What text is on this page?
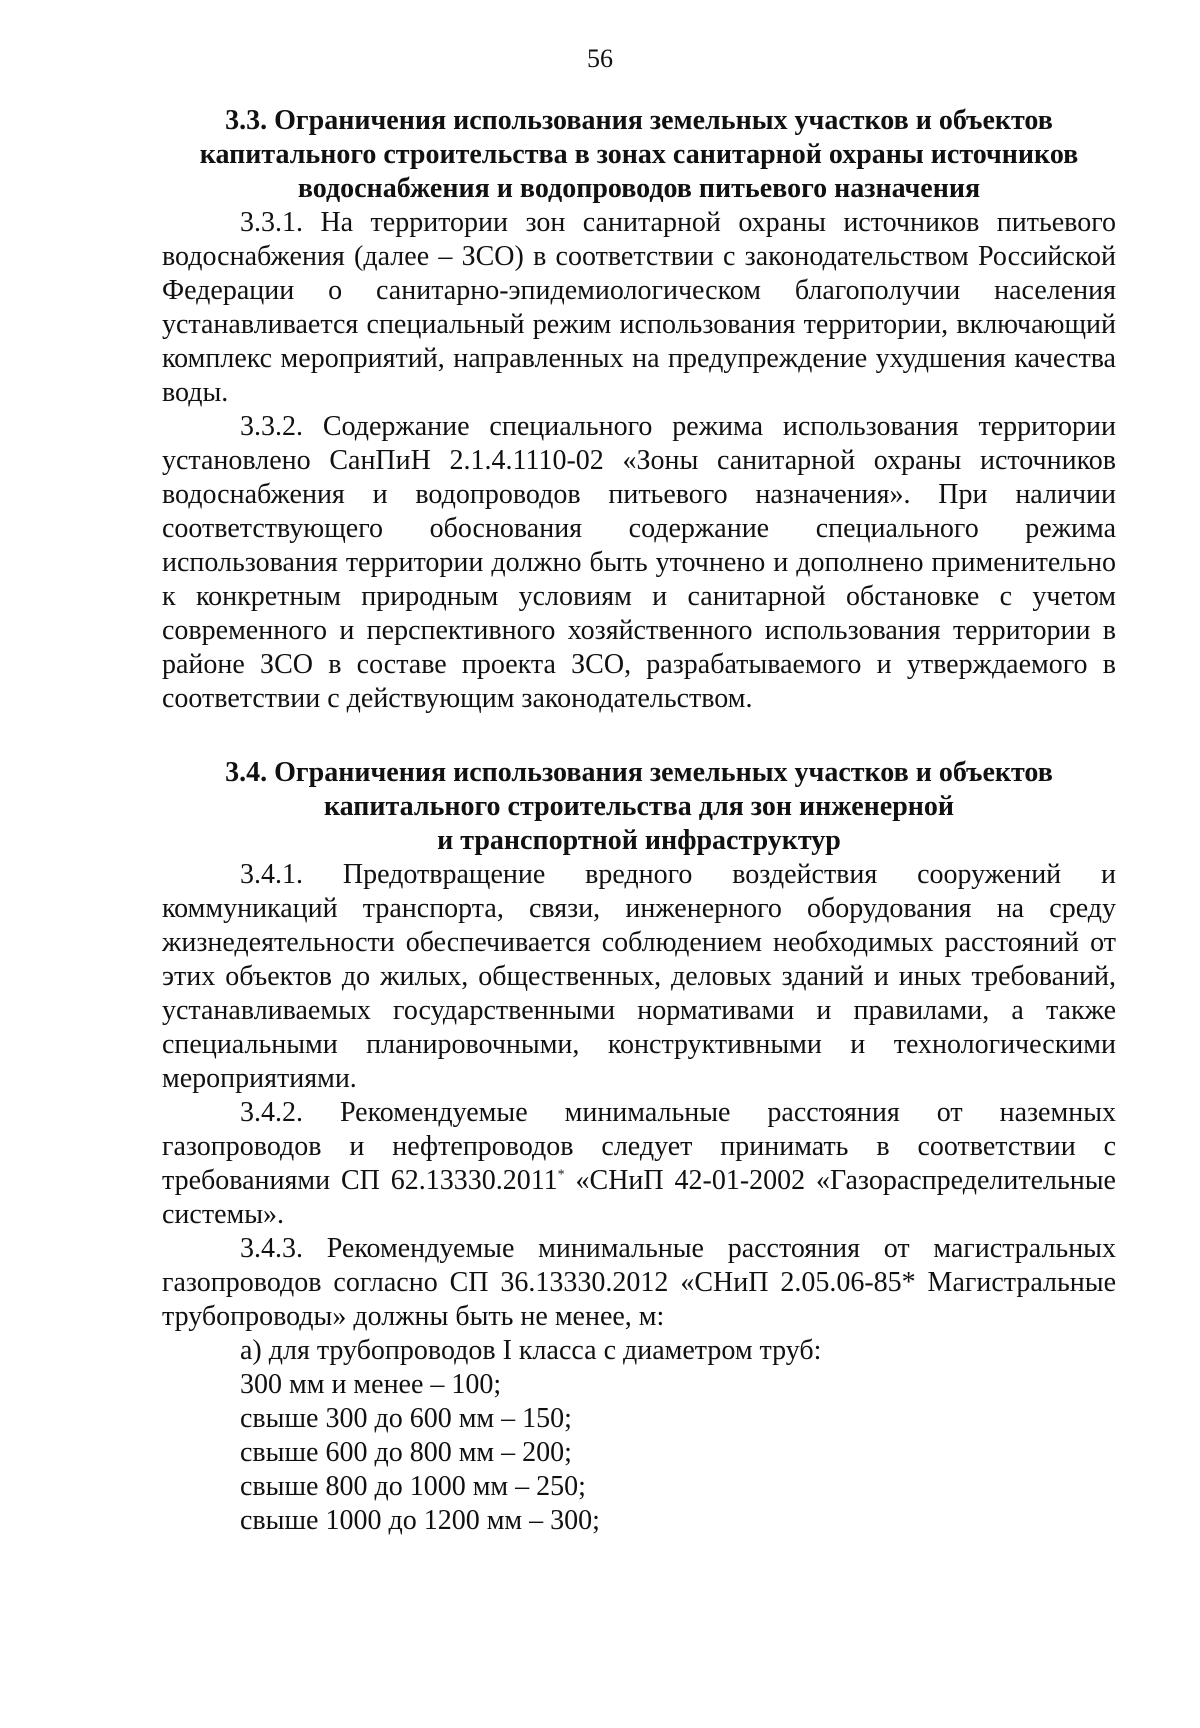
56
3.3. Ограничения использования земельных участков и объектов
капитального строительства в зонах санитарной охраны источников
водоснабжения и водопроводов питьевого назначения

3.3.1. На территории зон санитарной охраны источников питьевого водоснабжения (далее – ЗСО) в соответствии с законодательством Российской Федерации о санитарно-эпидемиологическом благополучии населения устанавливается специальный режим использования территории, включающий комплекс мероприятий, направленных на предупреждение ухудшения качества воды.

3.3.2. Содержание специального режима использования территории установлено СанПиН 2.1.4.1110-02 «Зоны санитарной охраны источников водоснабжения и водопроводов питьевого назначения». При наличии соответствующего обоснования содержание специального режима использования территории должно быть уточнено и дополнено применительно к конкретным природным условиям и санитарной обстановке с учетом современного и перспективного хозяйственного использования территории в районе ЗСО в составе проекта ЗСО, разрабатываемого и утверждаемого в соответствии с действующим законодательством.

3.4. Ограничения использования земельных участков и объектов
капитального строительства для зон инженерной
и транспортной инфраструктур

3.4.1. Предотвращение вредного воздействия сооружений и коммуникаций транспорта, связи, инженерного оборудования на среду жизнедеятельности обеспечивается соблюдением необходимых расстояний от этих объектов до жилых, общественных, деловых зданий и иных требований, устанавливаемых государственными нормативами и правилами, а также специальными планировочными, конструктивными и технологическими мероприятиями.

3.4.2. Рекомендуемые минимальные расстояния от наземных газопроводов и нефтепроводов следует принимать в соответствии с требованиями СП 62.13330.2011* «СНиП 42-01-2002 «Газораспределительные системы».

3.4.3. Рекомендуемые минимальные расстояния от магистральных газопроводов согласно СП 36.13330.2012 «СНиП 2.05.06-85* Магистральные трубопроводы» должны быть не менее, м:

а) для трубопроводов I класса с диаметром труб:

300 мм и менее – 100;

свыше 300 до 600 мм – 150;

свыше 600 до 800 мм – 200;

свыше 800 до 1000 мм – 250;

свыше 1000 до 1200 мм – 300;
